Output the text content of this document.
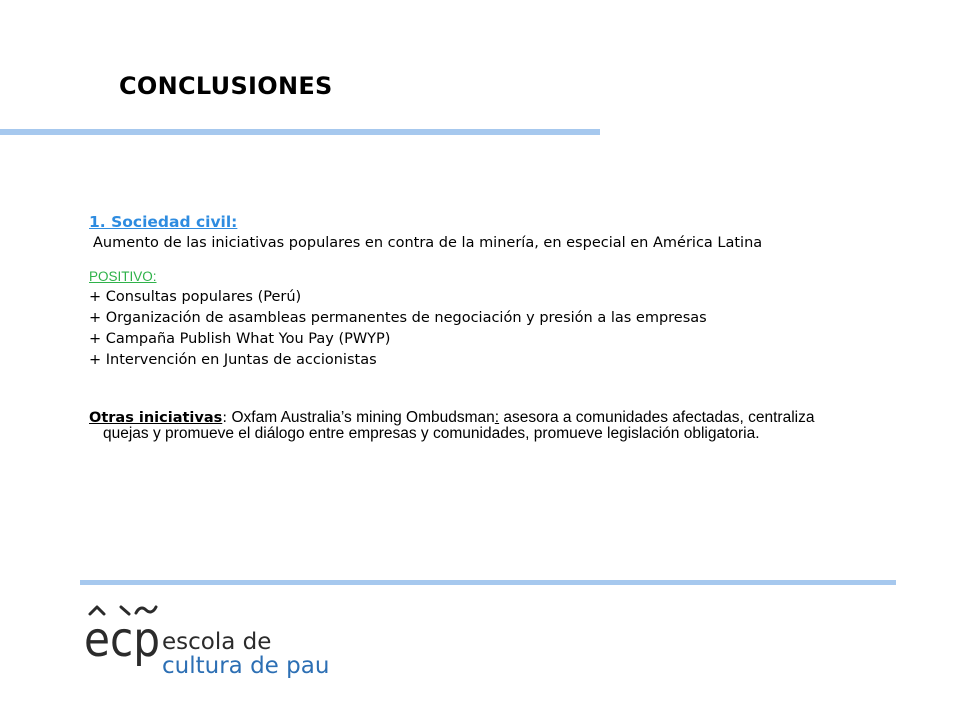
CONCLUSIONES

1. Sociedad civil:

Aumento de las iniciativas populares en contra de la minería, en especial en América Latina

POSITIVO:

+ Consultas populares (Perú)
+ Organización de asambleas permanentes de negociación y presión a las empresas
+ Campaña Publish What You Pay (PWYP)
+ Intervención en Juntas de accionistas

Otras iniciativas: Oxfam Australia’s mining Ombudsman: asesora a comunidades afectadas, centraliza quejas y promueve el diálogo entre empresas y comunidades, promueve legislación obligatoria.

ecp escola de
cultura de pau
